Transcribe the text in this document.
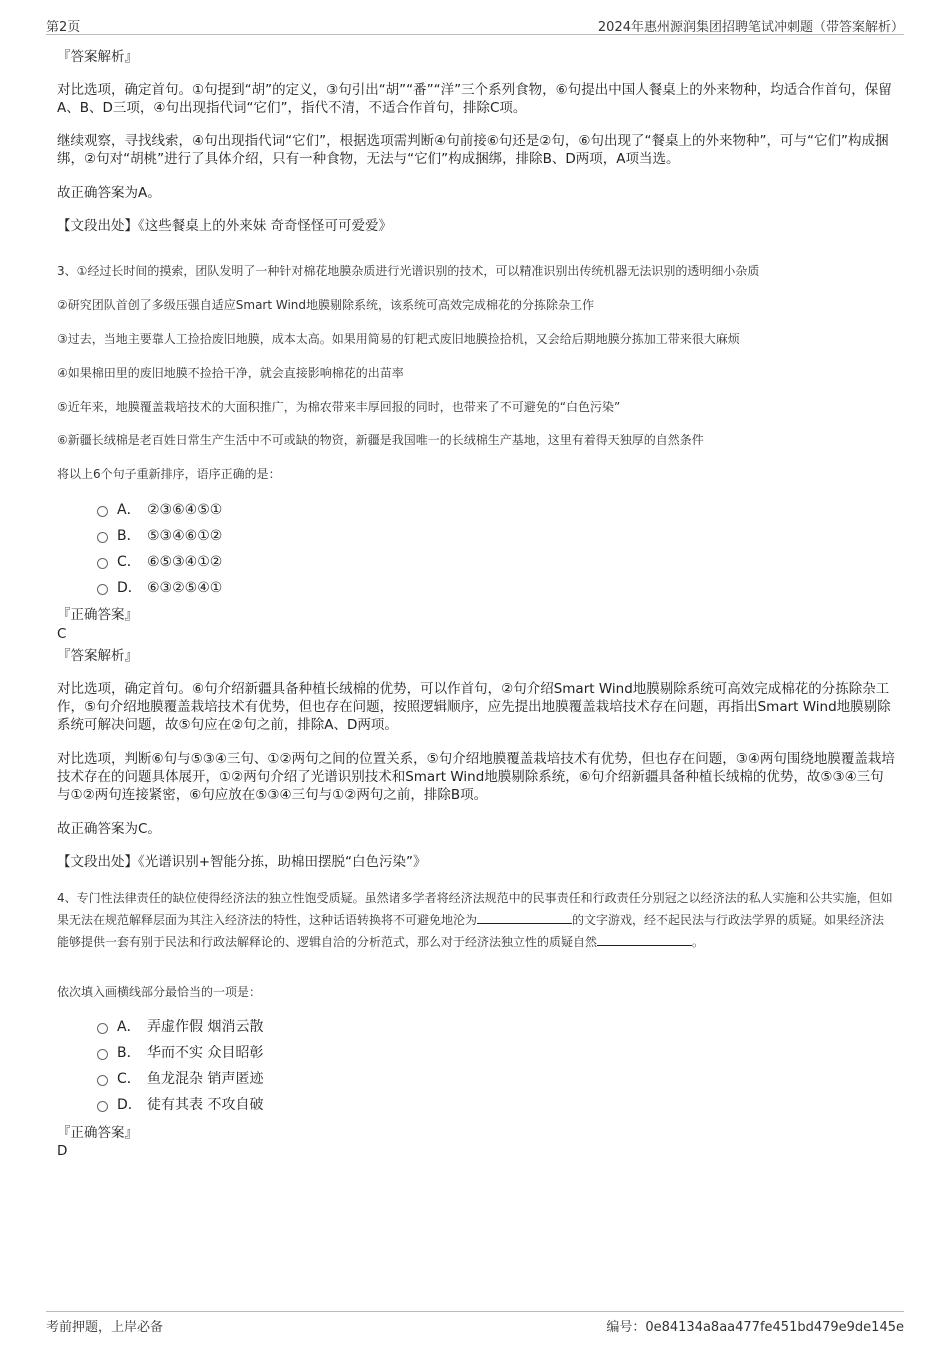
第2页	2024年惠州源润集团招聘笔试冲刺题（带答案解析）
『答案解析』
对比选项，确定首句。①句提到“胡”的定义，③句引出“胡”“番”“洋”三个系列食物，⑥句提出中国人餐桌上的外来物种，均适合作首句，保留A、B、D三项，④句出现指代词“它们”，指代不清，不适合作首句，排除C项。
继续观察，寻找线索，④句出现指代词“它们”，根据选项需判断④句前接⑥句还是②句，⑥句出现了“餐桌上的外来物种”，可与“它们”构成捆绑，②句对“胡桃”进行了具体介绍，只有一种食物，无法与“它们”构成捆绑，排除B、D两项，A项当选。
故正确答案为A。
【文段出处】《这些餐桌上的外来妹 奇奇怪怪可可爱爱》
3、①经过长时间的摸索，团队发明了一种针对棉花地膜杂质进行光谱识别的技术，可以精准识别出传统机器无法识别的透明细小杂质
②研究团队首创了多级压强自适应Smart Wind地膜剔除系统，该系统可高效完成棉花的分拣除杂工作
③过去，当地主要靠人工捡拾废旧地膜，成本太高。如果用简易的钉耙式废旧地膜捡拾机，又会给后期地膜分拣加工带来很大麻烦
④如果棉田里的废旧地膜不捡拾干净，就会直接影响棉花的出苗率
⑤近年来，地膜覆盖栽培技术的大面积推广，为棉农带来丰厚回报的同时，也带来了不可避免的“白色污染”
⑥新疆长绒棉是老百姓日常生产生活中不可或缺的物资，新疆是我国唯一的长绒棉生产基地，这里有着得天独厚的自然条件
将以上6个句子重新排序，语序正确的是：
A． ②③⑥④⑤①
B． ⑤③④⑥①②
C． ⑥⑤③④①②
D． ⑥③②⑤④①
『正确答案』
C
『答案解析』
对比选项，确定首句。⑥句介绍新疆具备种植长绒棉的优势，可以作首句，②句介绍Smart Wind地膜剔除系统可高效完成棉花的分拣除杂工作，⑤句介绍地膜覆盖栽培技术有优势，但也存在问题，按照逻辑顺序，应先提出地膜覆盖栽培技术存在问题，再指出Smart Wind地膜剔除系统可解决问题，故⑤句应在②句之前，排除A、D两项。
对比选项，判断⑥句与⑤③④三句、①②两句之间的位置关系，⑤句介绍地膜覆盖栽培技术有优势，但也存在问题，③④两句围绕地膜覆盖栽培技术存在的问题具体展开，①②两句介绍了光谱识别技术和Smart Wind地膜剔除系统，⑥句介绍新疆具备种植长绒棉的优势，故⑤③④三句与①②两句连接紧密，⑥句应放在⑤③④三句与①②两句之前，排除B项。
故正确答案为C。
【文段出处】《光谱识别+智能分拣，助棉田摆脱“白色污染”》
4、专门性法律责任的缺位使得经济法的独立性饱受质疑。虽然诸多学者将经济法规范中的民事责任和行政责任分别冠之以经济法的私人实施和公共实施，但如果无法在规范解释层面为其注入经济法的特性，这种话语转换将不可避免地沦为	的文字游戏，经不起民法与行政法学界的质疑。如果经济法能够提供一套有别于民法和行政法解释论的、逻辑自洽的分析范式，那么对于经济法独立性的质疑自然	。
依次填入画横线部分最恰当的一项是：
A． 弄虚作假 烟消云散
B． 华而不实 众目昭彰
C． 鱼龙混杂 销声匿迹
D． 徒有其表 不攻自破
『正确答案』
D
考前押题，上岸必备	编号：0e84134a8aa477fe451bd479e9de145e
